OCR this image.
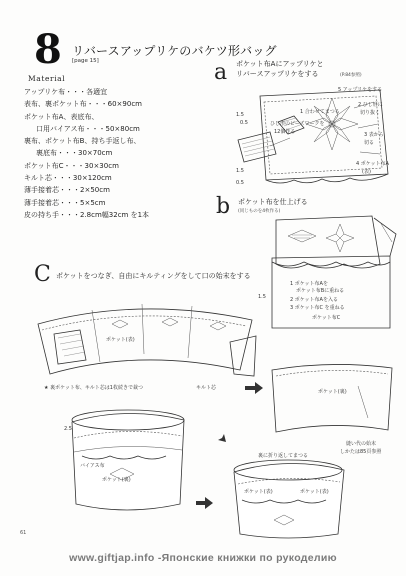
8 リバースアップリケのバケツ形バッグ
[page 15]
Material
アップリケ布・・・各適宜
表布、裏ポケット布・・・60×90cm
ポケット布A、表底布、
口用バイアス布・・・50×80cm
裏布、ポケット布B、持ち手返し布、
裏底布・・・30×70cm
ポケット布C・・・30×30cm
キルト芯・・・30×120cm
薄手接着芯・・・2×50cm
薄手接着芯・・・5×5cm
皮の持ち手・・・2.8cm幅32cm を1本
a ポケット布Aにアップリケと
リバースアップリケをする	(P.84参照)
1.5
0.5
5 アップリケをする
2 ひし形に
切り抜く
1 合わせてまつる
ひし形のビーズワークを
12個作る	3 表から
切る
4 ポケット布A
(表)
1.5
0.5
b ポケット布を仕上げる
(同じものを4枚作る)
1.5
1 ポケット布Aを
ポケット布Bに重ねる
2 ポケット布Aを入る
3 ポケット布C を重ねる
ポケット布C
C ポケットをつなぎ、自由にキルティングをして口の始末をする
ポケット(表)
★ 裏ポケット布、キルト芯は1枚続きで裁つ	キルト芯
ポケット(裏)
縫い代の始末
しかたは85頁参照
2.5
バイアス布
ポケット(裏)
裏に折り返してまつる
ポケット(表)	ポケット(表)
61
www.giftjap.info -Японские книжки по рукоделию
